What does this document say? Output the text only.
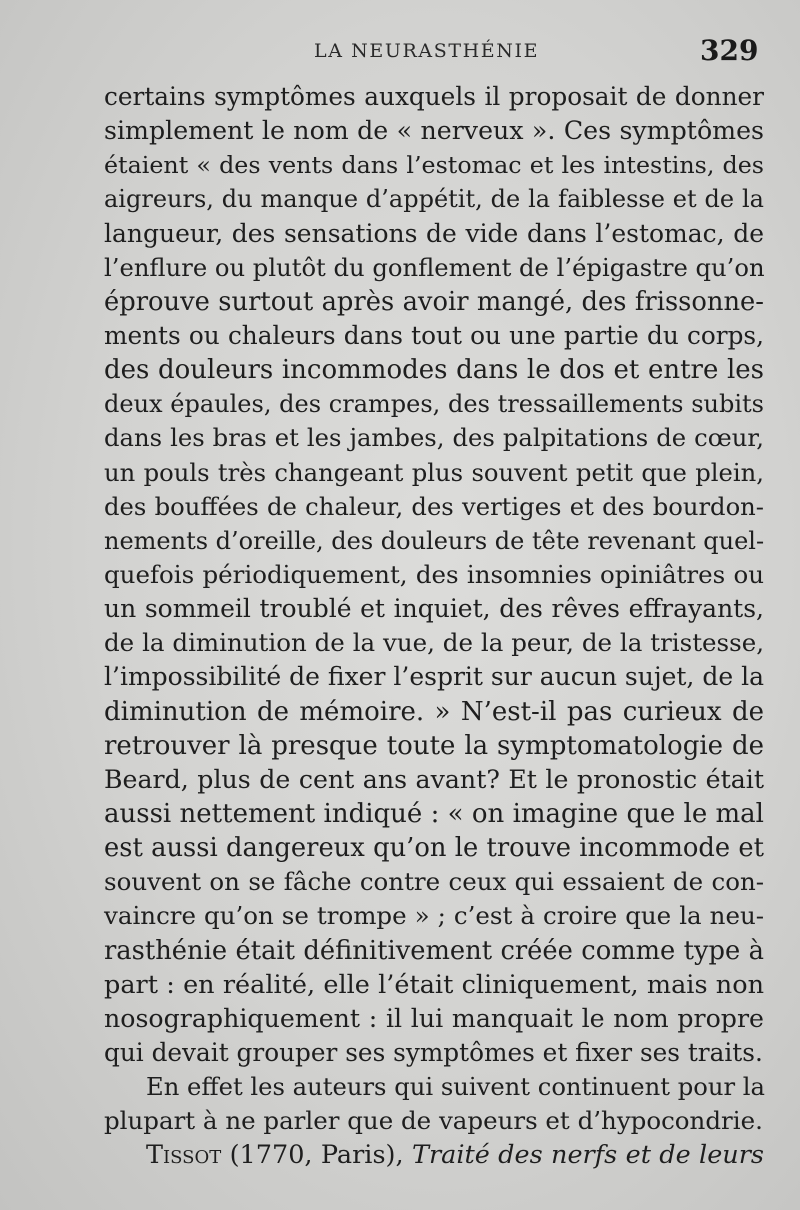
LA NEURASTHÉNIE	329
certains symptômes auxquels il proposait de donner
simplement le nom de « nerveux ». Ces symptômes
étaient « des vents dans l’estomac et les intestins, des
aigreurs, du manque d’appétit, de la faiblesse et de la
langueur, des sensations de vide dans l’estomac, de
l’enflure ou plutôt du gonflement de l’épigastre qu’on
éprouve surtout après avoir mangé, des frissonne-
ments ou chaleurs dans tout ou une partie du corps,
des douleurs incommodes dans le dos et entre les
deux épaules, des crampes, des tressaillements subits
dans les bras et les jambes, des palpitations de cœur,
un pouls très changeant plus souvent petit que plein,
des bouffées de chaleur, des vertiges et des bourdon-
nements d’oreille, des douleurs de tête revenant quel-
quefois périodiquement, des insomnies opiniâtres ou
un sommeil troublé et inquiet, des rêves effrayants,
de la diminution de la vue, de la peur, de la tristesse,
l’impossibilité de fixer l’esprit sur aucun sujet, de la
diminution de mémoire. » N’est-il pas curieux de
retrouver là presque toute la symptomatologie de
Beard, plus de cent ans avant? Et le pronostic était
aussi nettement indiqué : « on imagine que le mal
est aussi dangereux qu’on le trouve incommode et
souvent on se fâche contre ceux qui essaient de con-
vaincre qu’on se trompe » ; c’est à croire que la neu-
rasthénie était définitivement créée comme type à
part : en réalité, elle l’était cliniquement, mais non
nosographiquement : il lui manquait le nom propre
qui devait grouper ses symptômes et fixer ses traits.
En effet les auteurs qui suivent continuent pour la
plupart à ne parler que de vapeurs et d’hypocondrie.
Tissot (1770, Paris), Traité des nerfs et de leurs
